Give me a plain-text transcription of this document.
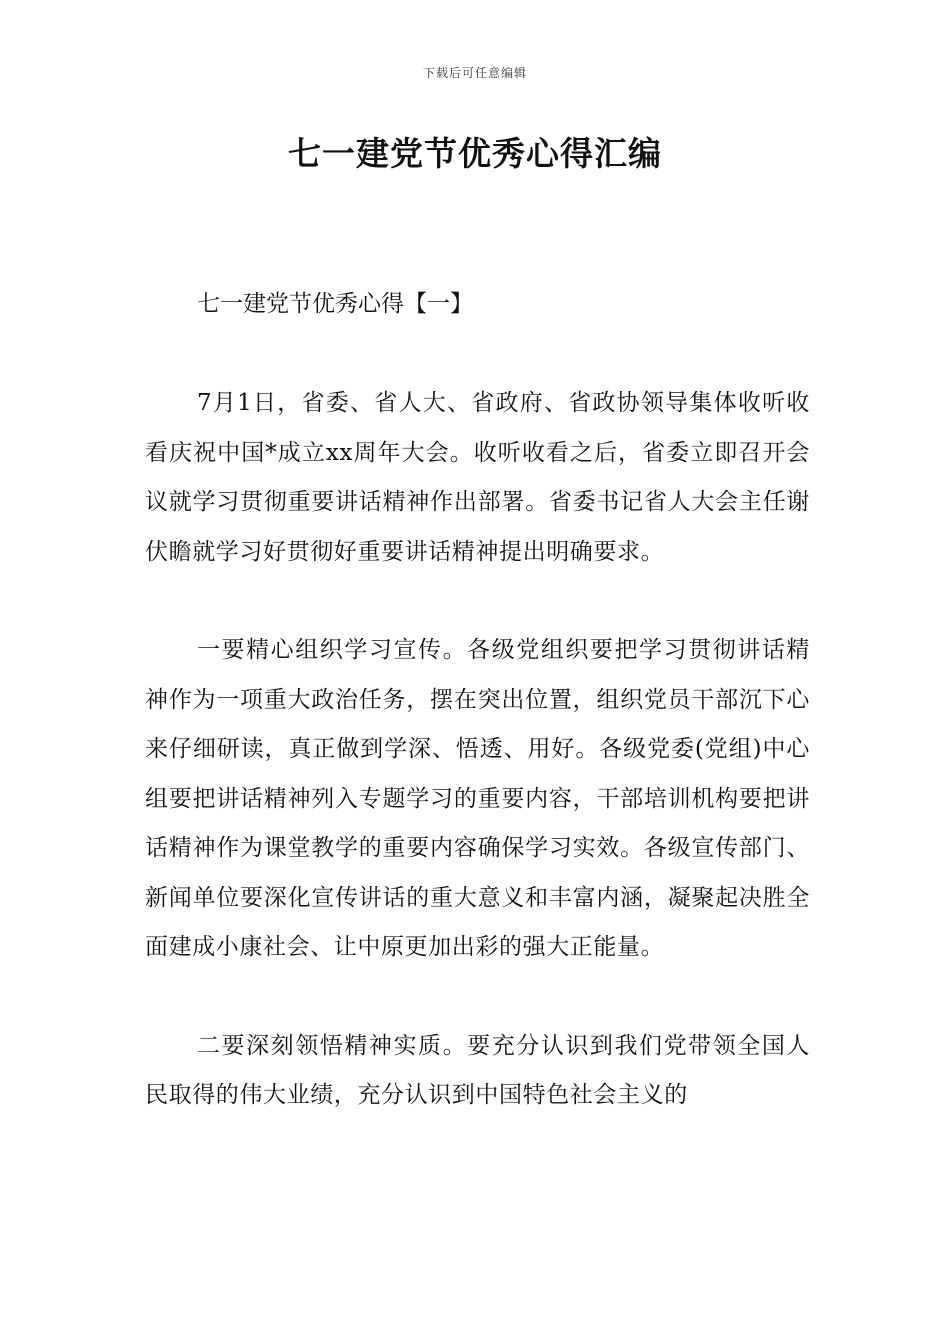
下载后可任意编辑
七一建党节优秀心得汇编

七一建党节优秀心得【一】

7月1日，省委、省人大、省政府、省政协领导集体收听收看庆祝中国*成立xx周年大会。收听收看之后，省委立即召开会议就学习贯彻重要讲话精神作出部署。省委书记省人大会主任谢伏瞻就学习好贯彻好重要讲话精神提出明确要求。

一要精心组织学习宣传。各级党组织要把学习贯彻讲话精神作为一项重大政治任务，摆在突出位置，组织党员干部沉下心来仔细研读，真正做到学深、悟透、用好。各级党委(党组)中心组要把讲话精神列入专题学习的重要内容，干部培训机构要把讲话精神作为课堂教学的重要内容确保学习实效。各级宣传部门、新闻单位要深化宣传讲话的重大意义和丰富内涵，凝聚起决胜全面建成小康社会、让中原更加出彩的强大正能量。

二要深刻领悟精神实质。要充分认识到我们党带领全国人民取得的伟大业绩，充分认识到中国特色社会主义的
